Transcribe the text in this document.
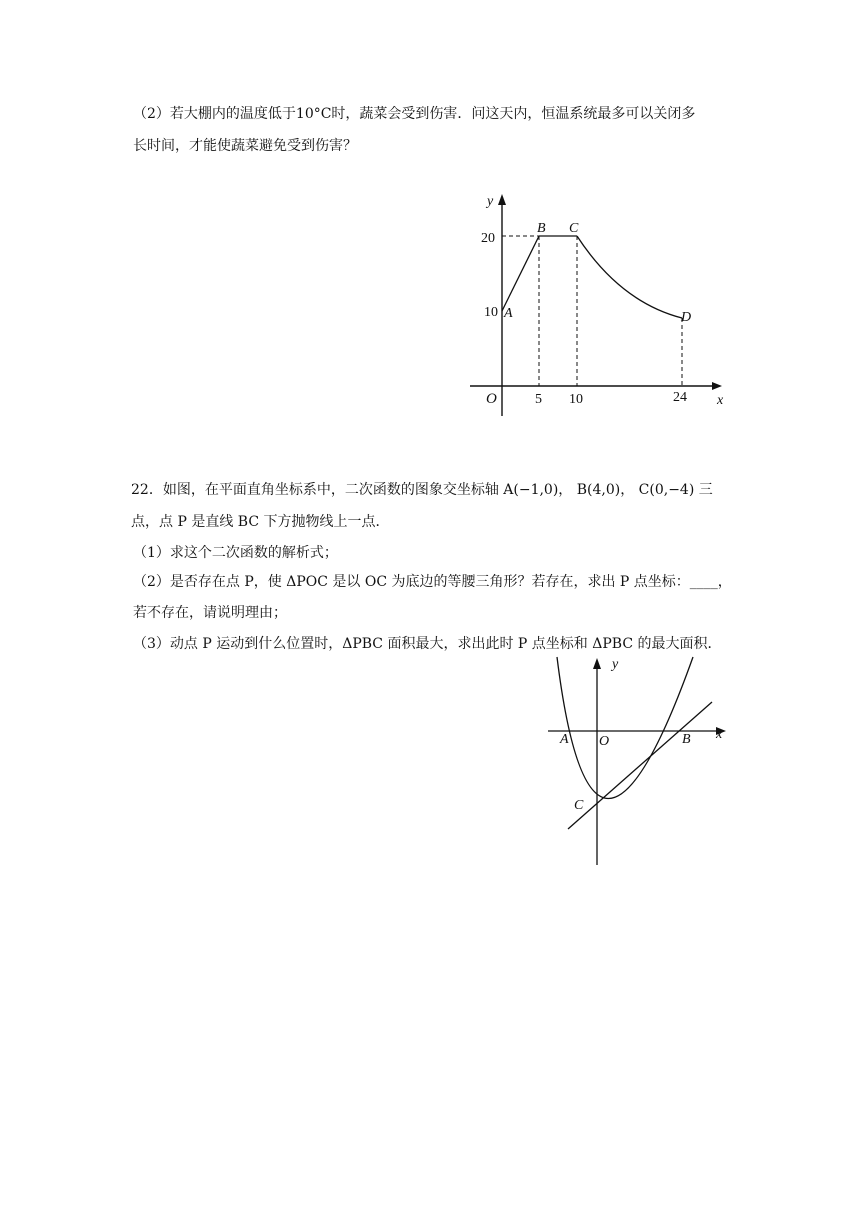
（2）若大棚内的温度低于10°C时，蔬菜会受到伤害．问这天内，恒温系统最多可以关闭多
长时间，才能使蔬菜避免受到伤害？
y
x
O
20
10
5 10	24
A
B C
D
22．如图，在平面直角坐标系中，二次函数的图象交坐标轴 A(−1,0)， B(4,0)， C(0,−4) 三
点，点 P 是直线 BC 下方抛物线上一点．
（1）求这个二次函数的解析式；
（2）是否存在点 P，使 ΔPOC 是以 OC 为底边的等腰三角形？若存在，求出 P 点坐标：____，
若不存在，请说明理由；
（3）动点 P 运动到什么位置时，ΔPBC 面积最大，求出此时 P 点坐标和 ΔPBC 的最大面积．
y
x
O
A	B
C
